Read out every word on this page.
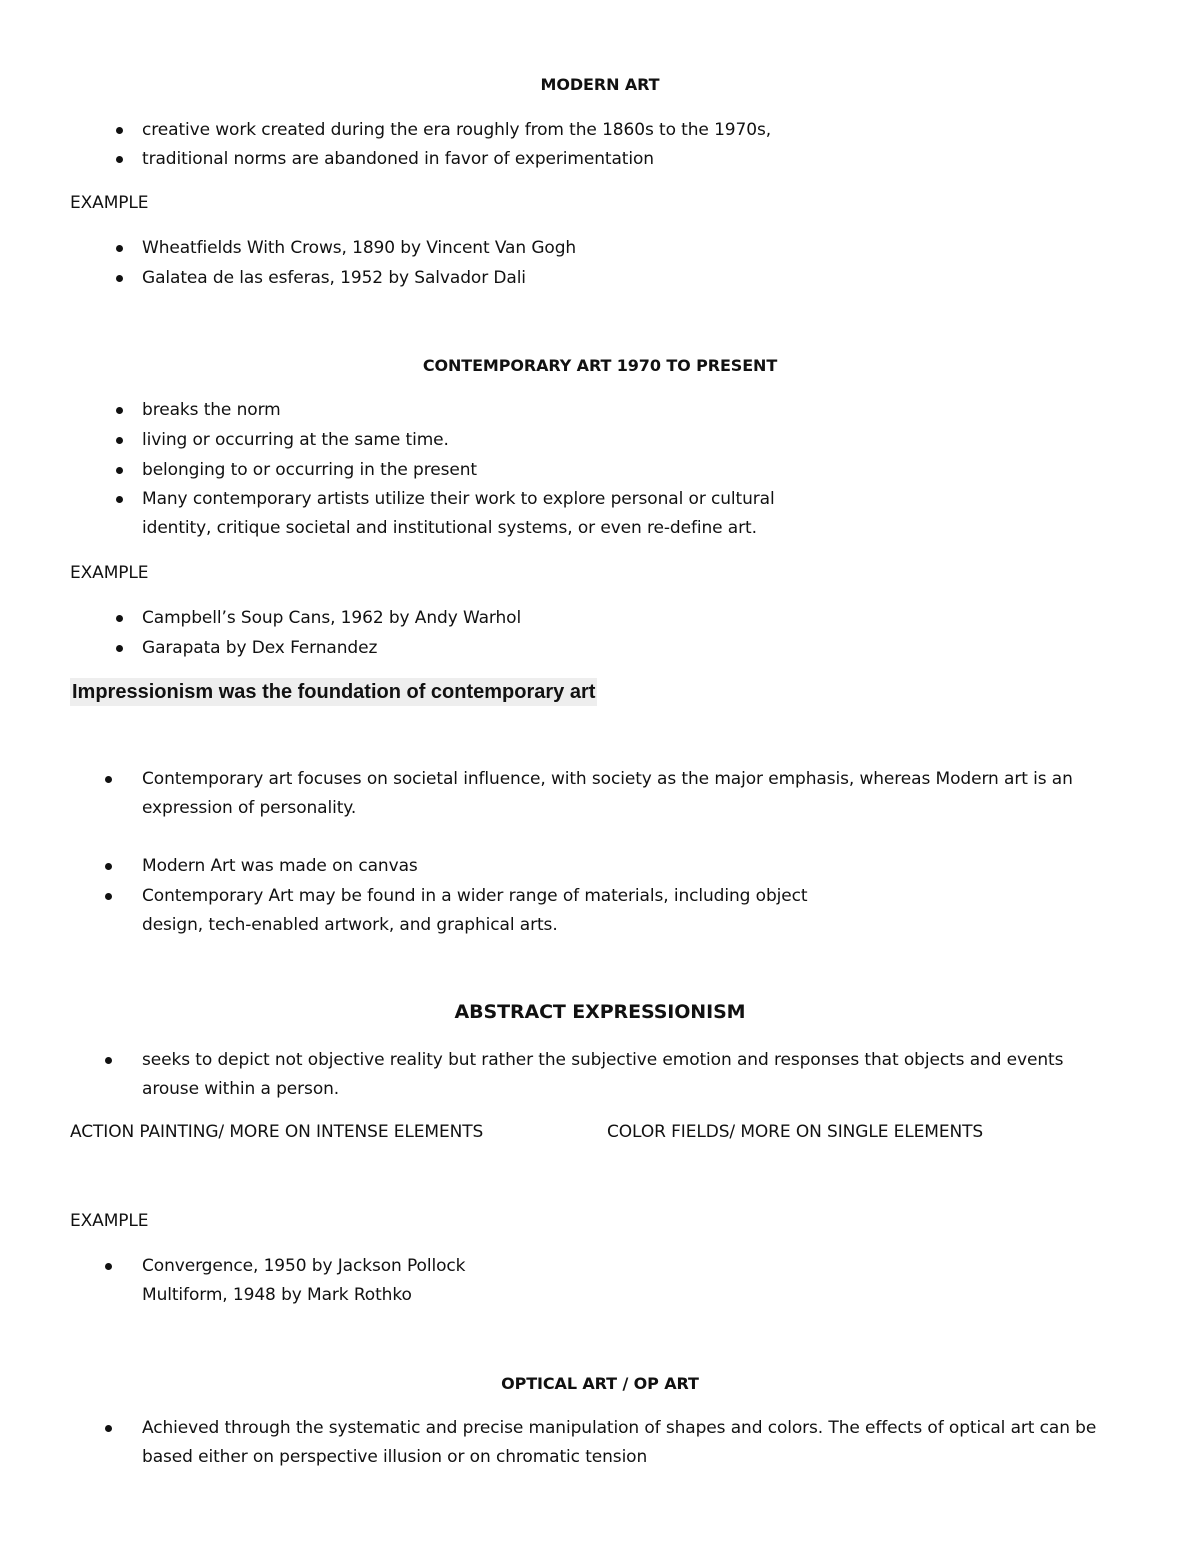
MODERN ART
creative work created during the era roughly from the 1860s to the 1970s,
traditional norms are abandoned in favor of experimentation
EXAMPLE
Wheatfields With Crows, 1890 by Vincent Van Gogh
Galatea de las esferas, 1952 by Salvador Dali
CONTEMPORARY ART 1970 TO PRESENT
breaks the norm
living or occurring at the same time.
belonging to or occurring in the present
Many contemporary artists utilize their work to explore personal or cultural
identity, critique societal and institutional systems, or even re-define art.
EXAMPLE
Campbell’s Soup Cans, 1962 by Andy Warhol
Garapata by Dex Fernandez
Impressionism was the foundation of contemporary art
Contemporary art focuses on societal influence, with society as the major emphasis, whereas Modern art is an
expression of personality.
Modern Art was made on canvas
Contemporary Art may be found in a wider range of materials, including object
design, tech-enabled artwork, and graphical arts.
ABSTRACT EXPRESSIONISM
seeks to depict not objective reality but rather the subjective emotion and responses that objects and events
arouse within a person.
ACTION PAINTING/ MORE ON INTENSE ELEMENTS	COLOR FIELDS/ MORE ON SINGLE ELEMENTS
EXAMPLE
Convergence, 1950 by Jackson Pollock
Multiform, 1948 by Mark Rothko
OPTICAL ART / OP ART
Achieved through the systematic and precise manipulation of shapes and colors. The effects of optical art can be
based either on perspective illusion or on chromatic tension
